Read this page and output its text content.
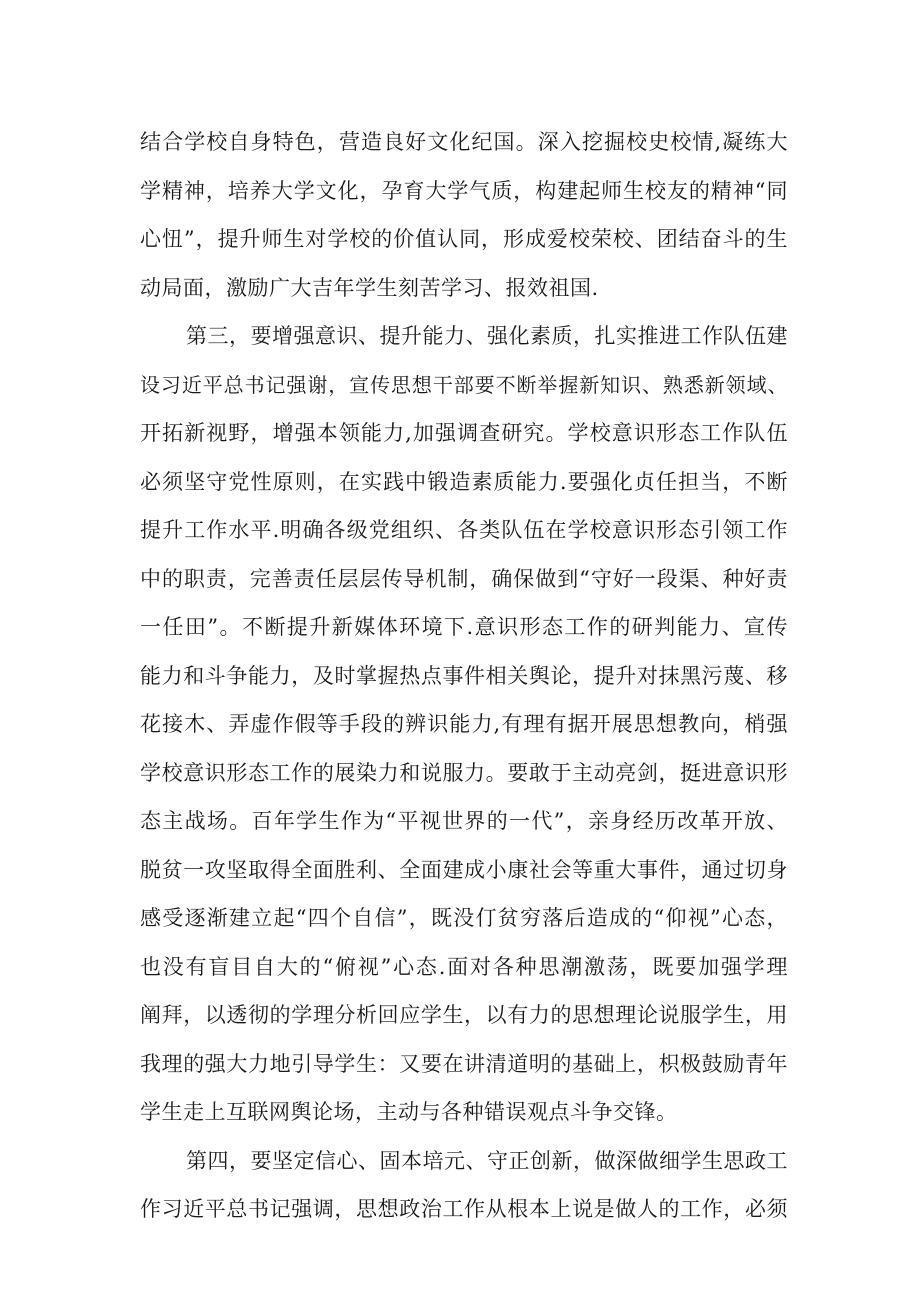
结合学校自身特色，营造良好文化纪国。深入挖掘校史校情,凝练大
学精神，培养大学文化，孕育大学气质，构建起师生校友的精神“同
心忸”，提升师生对学校的价值认同，形成爱校荣校、团结奋斗的生
动局面，激励广大吉年学生刻苦学习、报效祖国.
第三，要增强意识、提升能力、强化素质，扎实推进工作队伍建
设习近平总书记强谢，宣传思想干部要不断举握新知识、熟悉新领域、
开拓新视野，增强本领能力,加强调查研究。学校意识形态工作队伍
必须坚守党性原则，在实践中锻造素质能力.要强化贞任担当，不断
提升工作水平.明确各级党组织、各类队伍在学校意识形态引领工作
中的职责，完善责任层层传导机制，确保做到“守好一段渠、种好责
一任田”。不断提升新媒体环境下.意识形态工作的研判能力、宣传
能力和斗争能力，及时掌握热点事件相关舆论，提升对抹黑污蔑、移
花接木、弄虚作假等手段的辨识能力,有理有据开展思想教向，梢强
学校意识形态工作的展染力和说服力。要敢于主动亮剑，挺进意识形
态主战场。百年学生作为“平视世界的一代”，亲身经历改革开放、
脱贫一攻坚取得全面胜利、全面建成小康社会等重大事件，通过切身
感受逐渐建立起“四个自信”，既没仃贫穷落后造成的“仰视”心态，
也没有盲目自大的“俯视”心态.面对各种思潮激荡，既要加强学理
阐拜，以透彻的学理分析回应学生，以有力的思想理论说服学生，用
我理的强大力地引导学生：又要在讲清道明的基础上，枳极鼓励青年
学生走上互联网舆论场，主动与各种错误观点斗争交锋。
第四，要坚定信心、固本培元、守正创新，做深做细学生思政工
作习近平总书记强调，思想政治工作从根本上说是做人的工作，必须
